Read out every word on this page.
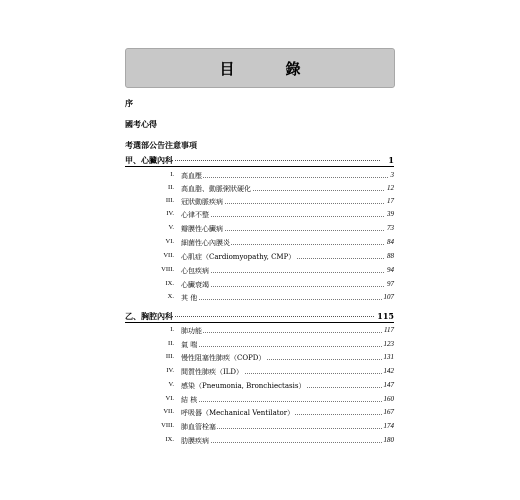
目　錄
序
國考心得
考選部公告注意事項
甲、心臟內科	1
I. 高血壓	3
II. 高血脂、動脈粥狀硬化	12
III. 冠狀動脈疾病	17
IV. 心律不整	39
V. 瓣膜性心臟病	73
VI. 細菌性心內膜炎	84
VII. 心肌症（Cardiomyopathy, CMP）	88
VIII. 心包疾病	94
IX. 心臟衰竭	97
X. 其 他	107
乙、胸腔內科	115
I. 肺功能	117
II. 氣 喘	123
III. 慢性阻塞性肺疾（COPD）	131
IV. 間質性肺疾（ILD）	142
V. 感染（Pneumonia, Bronchiectasis）	147
VI. 結 核	160
VII. 呼吸器（Mechanical Ventilator）	167
VIII. 肺血管栓塞	174
IX. 肋膜疾病	180
